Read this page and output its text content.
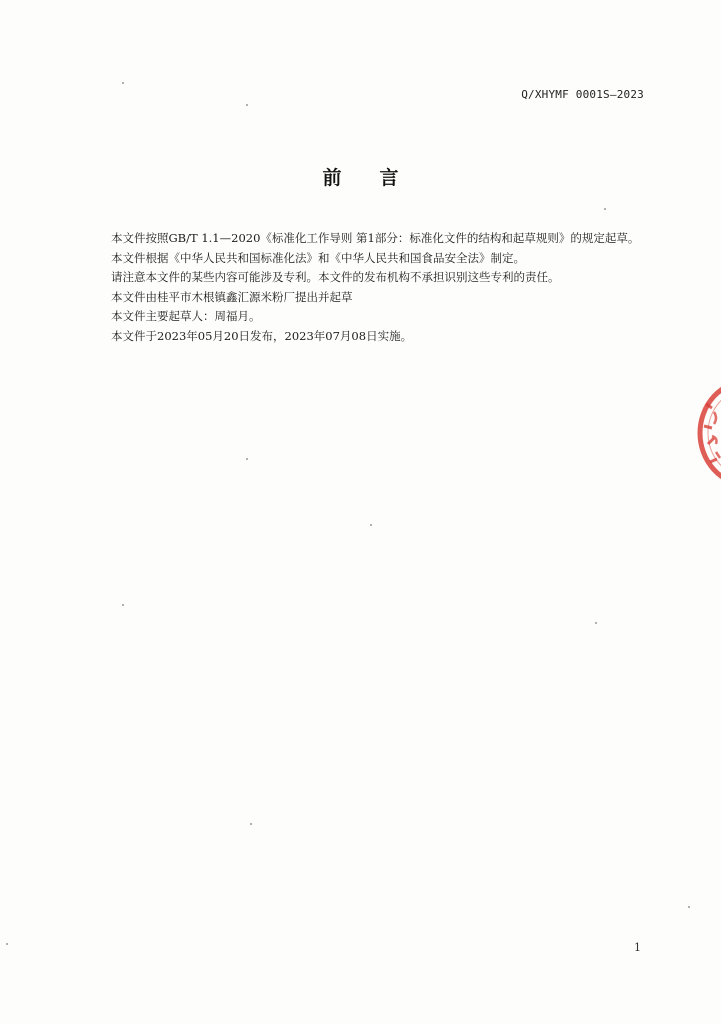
Q/XHYMF 0001S—2023
前言

本文件按照GB/T 1.1—2020《标准化工作导则 第1部分：标准化文件的结构和起草规则》的规定起草。

本文件根据《中华人民共和国标准化法》和《中华人民共和国食品安全法》制定。

请注意本文件的某些内容可能涉及专利。本文件的发布机构不承担识别这些专利的责任。

本文件由桂平市木根镇鑫汇源米粉厂提出并起草

本文件主要起草人：周福月。

本文件于2023年05月20日发布，2023年07月08日实施。

1
